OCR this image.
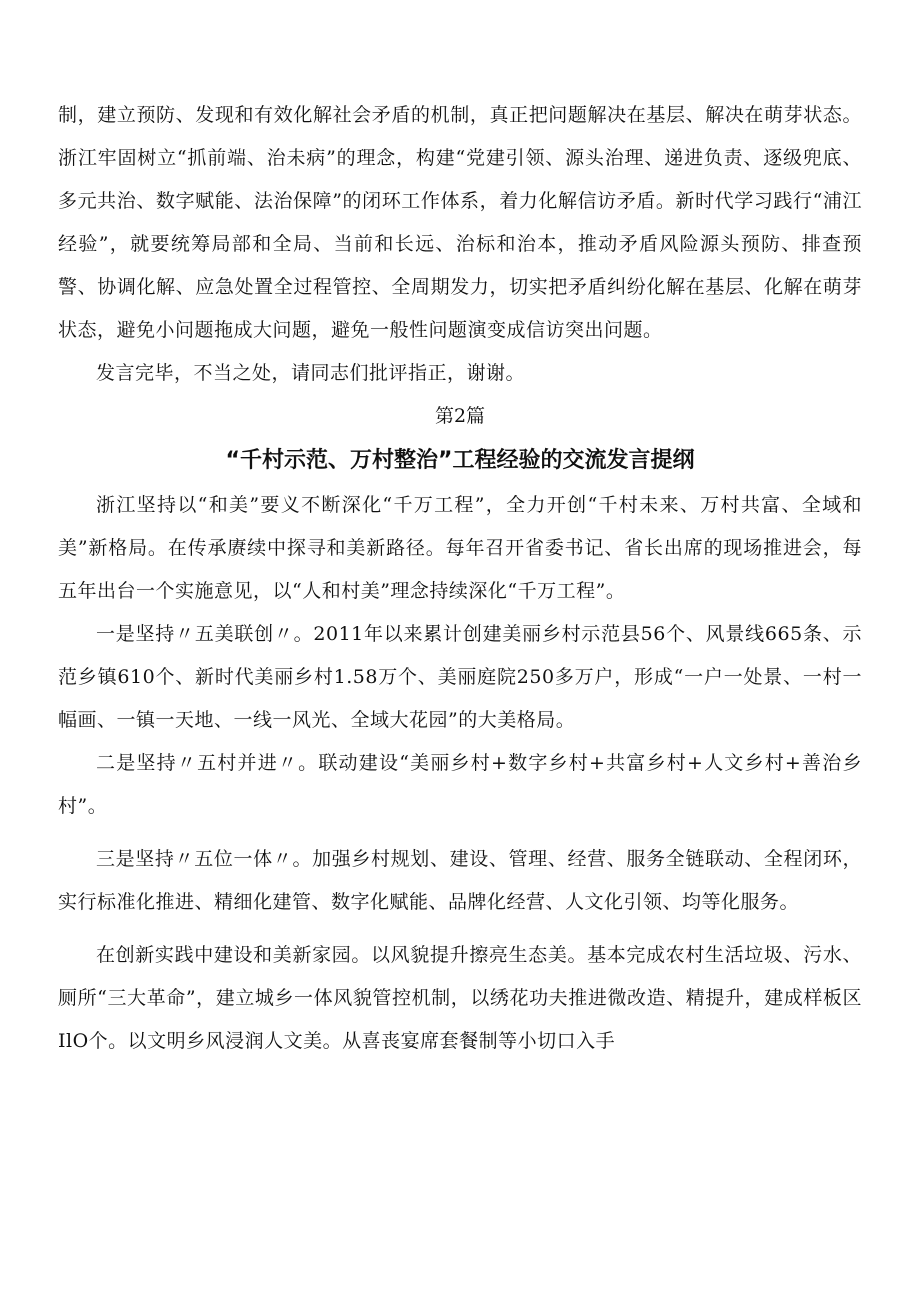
制，建立预防、发现和有效化解社会矛盾的机制，真正把问题解决在基层、解决在萌芽状态。浙江牢固树立“抓前端、治未病”的理念，构建“党建引领、源头治理、递进负责、逐级兜底、多元共治、数字赋能、法治保障”的闭环工作体系，着力化解信访矛盾。新时代学习践行“浦江经验”，就要统筹局部和全局、当前和长远、治标和治本，推动矛盾风险源头预防、排查预警、协调化解、应急处置全过程管控、全周期发力，切实把矛盾纠纷化解在基层、化解在萌芽状态，避免小问题拖成大问题，避免一般性问题演变成信访突出问题。

发言完毕，不当之处，请同志们批评指正，谢谢。

第2篇

“千村示范、万村整治”工程经验的交流发言提纲

浙江坚持以“和美”要义不断深化“千万工程”，全力开创“千村未来、万村共富、全域和美”新格局。在传承赓续中探寻和美新路径。每年召开省委书记、省长出席的现场推进会，每五年出台一个实施意见，以“人和村美”理念持续深化“千万工程”。

一是坚持〃五美联创〃。2011年以来累计创建美丽乡村示范县56个、风景线665条、示范乡镇610个、新时代美丽乡村1.58万个、美丽庭院250多万户，形成“一户一处景、一村一幅画、一镇一天地、一线一风光、全域大花园”的大美格局。

二是坚持〃五村并进〃。联动建设“美丽乡村+数字乡村+共富乡村+人文乡村+善治乡村”。

三是坚持〃五位一体〃。加强乡村规划、建设、管理、经营、服务全链联动、全程闭环，实行标准化推进、精细化建管、数字化赋能、品牌化经营、人文化引领、均等化服务。

在创新实践中建设和美新家园。以风貌提升擦亮生态美。基本完成农村生活垃圾、污水、厕所“三大革命”，建立城乡一体风貌管控机制，以绣花功夫推进微改造、精提升，建成样板区IlO个。以文明乡风浸润人文美。从喜丧宴席套餐制等小切口入手
